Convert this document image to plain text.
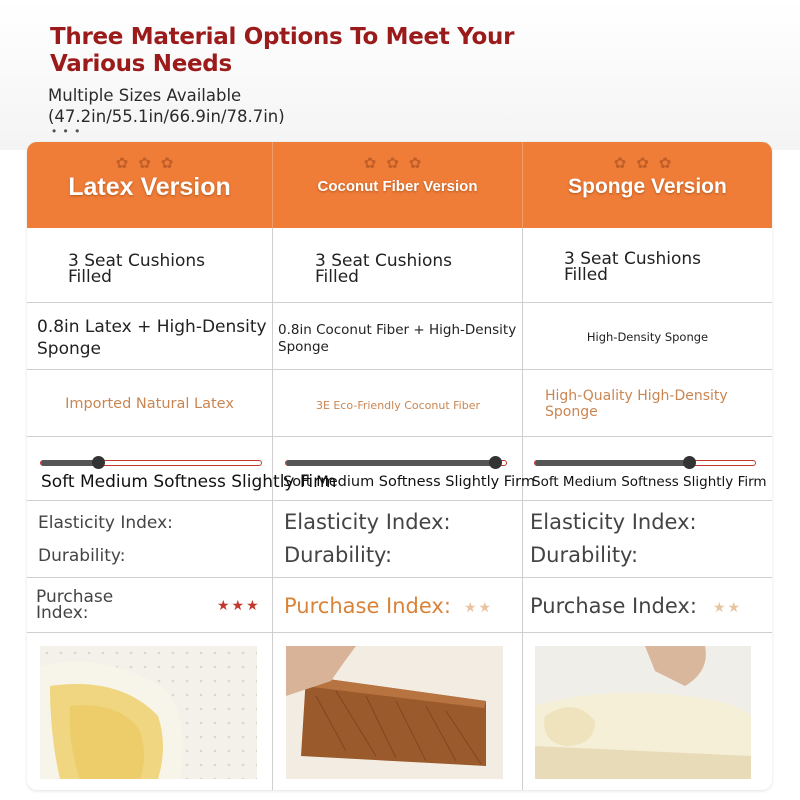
Three Material Options To Meet Your Various Needs
Multiple Sizes Available (47.2in/55.1in/66.9in/78.7in)
• • •
✿✿✿
Latex Version
✿✿✿
Coconut Fiber Version
✿✿✿
Sponge Version
3 Seat Cushions Filled
3 Seat Cushions Filled
3 Seat Cushions Filled
0.8in Latex + High-Density Sponge
0.8in Coconut Fiber + High-Density Sponge
High-Density Sponge
Imported Natural Latex	3E Eco-Friendly Coconut Fiber
High-Quality High-Density Sponge
Soft Medium Softness Slightly Firm
Soft Medium Softness Slightly Firm
Soft Medium Softness Slightly Firm
Elasticity Index:
Durability:
Elasticity Index:
Durability:
Elasticity Index:
Durability:
Purchase Index:	★★★ Purchase Index: ★★ Purchase Index: ★★
